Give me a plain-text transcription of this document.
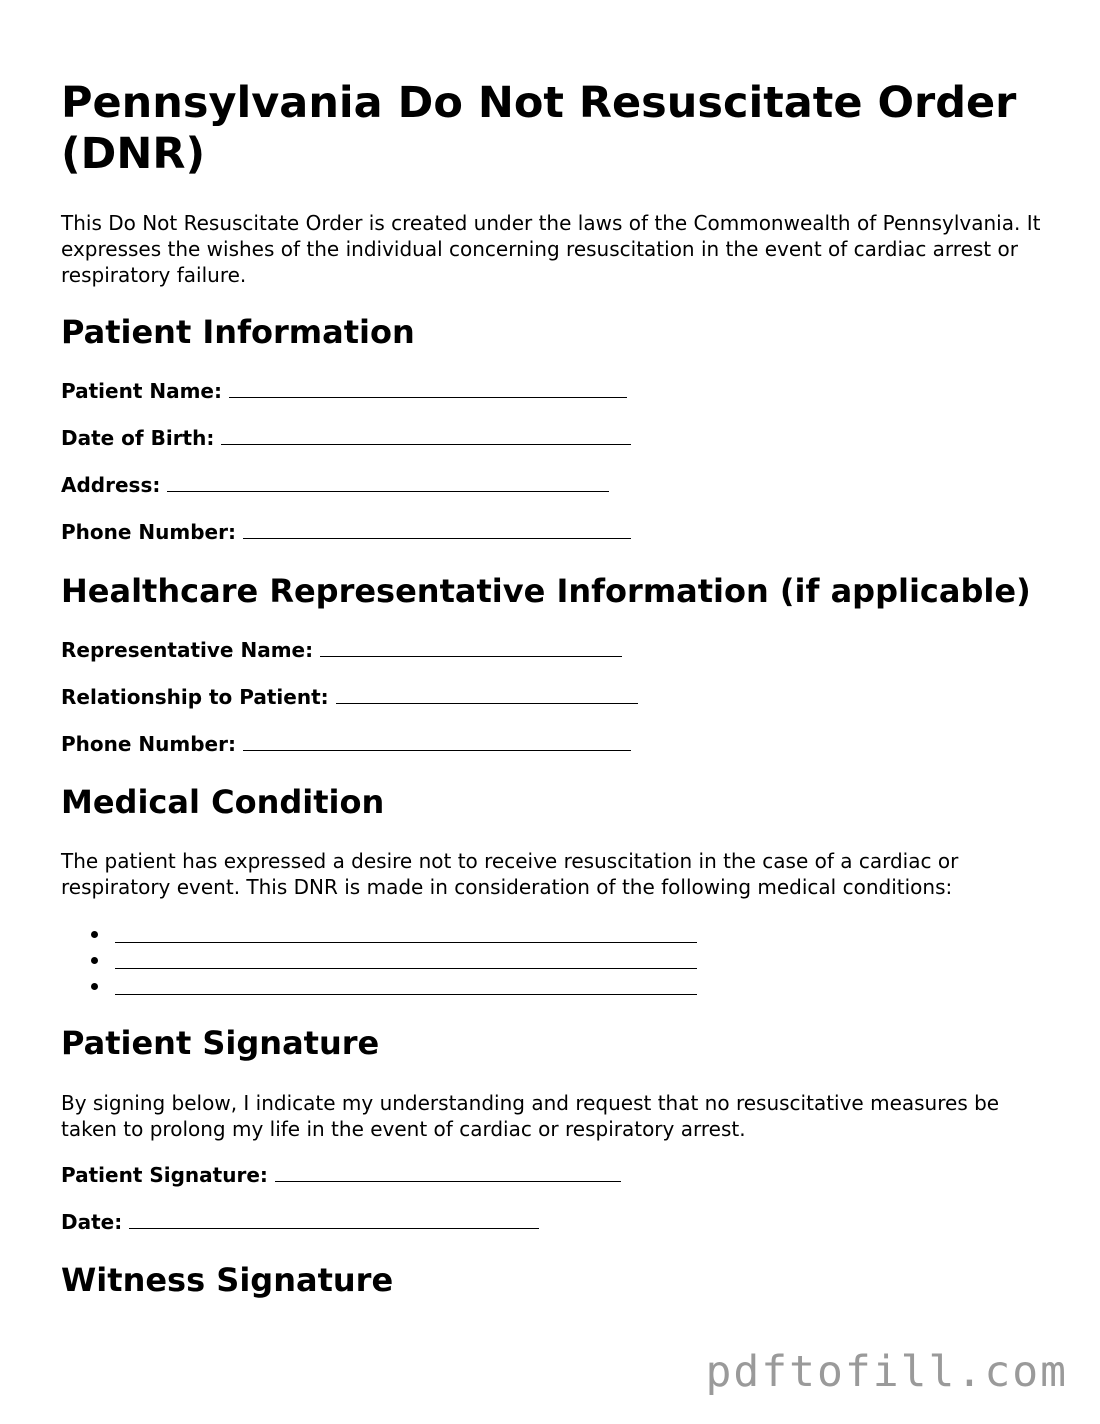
Pennsylvania Do Not Resuscitate Order (DNR)

This Do Not Resuscitate Order is created under the laws of the Commonwealth of Pennsylvania. It expresses the wishes of the individual concerning resuscitation in the event of cardiac arrest or respiratory failure.

Patient Information
Patient Name:
Date of Birth:
Address:
Phone Number:
Healthcare Representative Information (if applicable)
Representative Name:
Relationship to Patient:
Phone Number:
Medical Condition

The patient has expressed a desire not to receive resuscitation in the case of a cardiac or respiratory event. This DNR is made in consideration of the following medical conditions:

Patient Signature

By signing below, I indicate my understanding and request that no resuscitative measures be taken to prolong my life in the event of cardiac or respiratory arrest.

Patient Signature:
Date:
Witness Signature
pdftofill.com
